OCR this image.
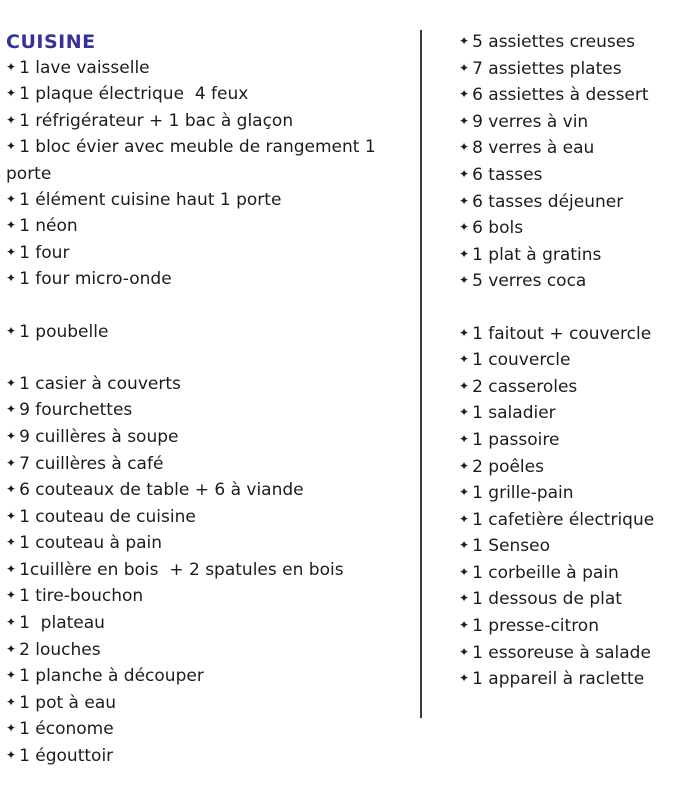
CUISINE
✦ 1 lave vaisselle
✦ 1 plaque électrique  4 feux
✦ 1 réfrigérateur + 1 bac à glaçon
✦ 1 bloc évier avec meuble de rangement 1 porte
✦ 1 élément cuisine haut 1 porte
✦ 1 néon
✦ 1 four
✦ 1 four micro-onde
✦ 1 poubelle
✦ 1 casier à couverts
✦ 9 fourchettes
✦ 9 cuillères à soupe
✦ 7 cuillères à café
✦ 6 couteaux de table + 6 à viande
✦ 1 couteau de cuisine
✦ 1 couteau à pain
✦ 1cuillère en bois  + 2 spatules en bois
✦ 1 tire-bouchon
✦ 1  plateau
✦ 2 louches
✦ 1 planche à découper
✦ 1 pot à eau
✦ 1 économe
✦ 1 égouttoir
✦ 5 assiettes creuses
✦ 7 assiettes plates
✦ 6 assiettes à dessert
✦ 9 verres à vin
✦ 8 verres à eau
✦ 6 tasses
✦ 6 tasses déjeuner
✦ 6 bols
✦ 1 plat à gratins
✦ 5 verres coca
✦ 1 faitout + couvercle
✦ 1 couvercle
✦ 2 casseroles
✦ 1 saladier
✦ 1 passoire
✦ 2 poêles
✦ 1 grille-pain
✦ 1 cafetière électrique
✦ 1 Senseo
✦ 1 corbeille à pain
✦ 1 dessous de plat
✦ 1 presse-citron
✦ 1 essoreuse à salade
✦ 1 appareil à raclette
